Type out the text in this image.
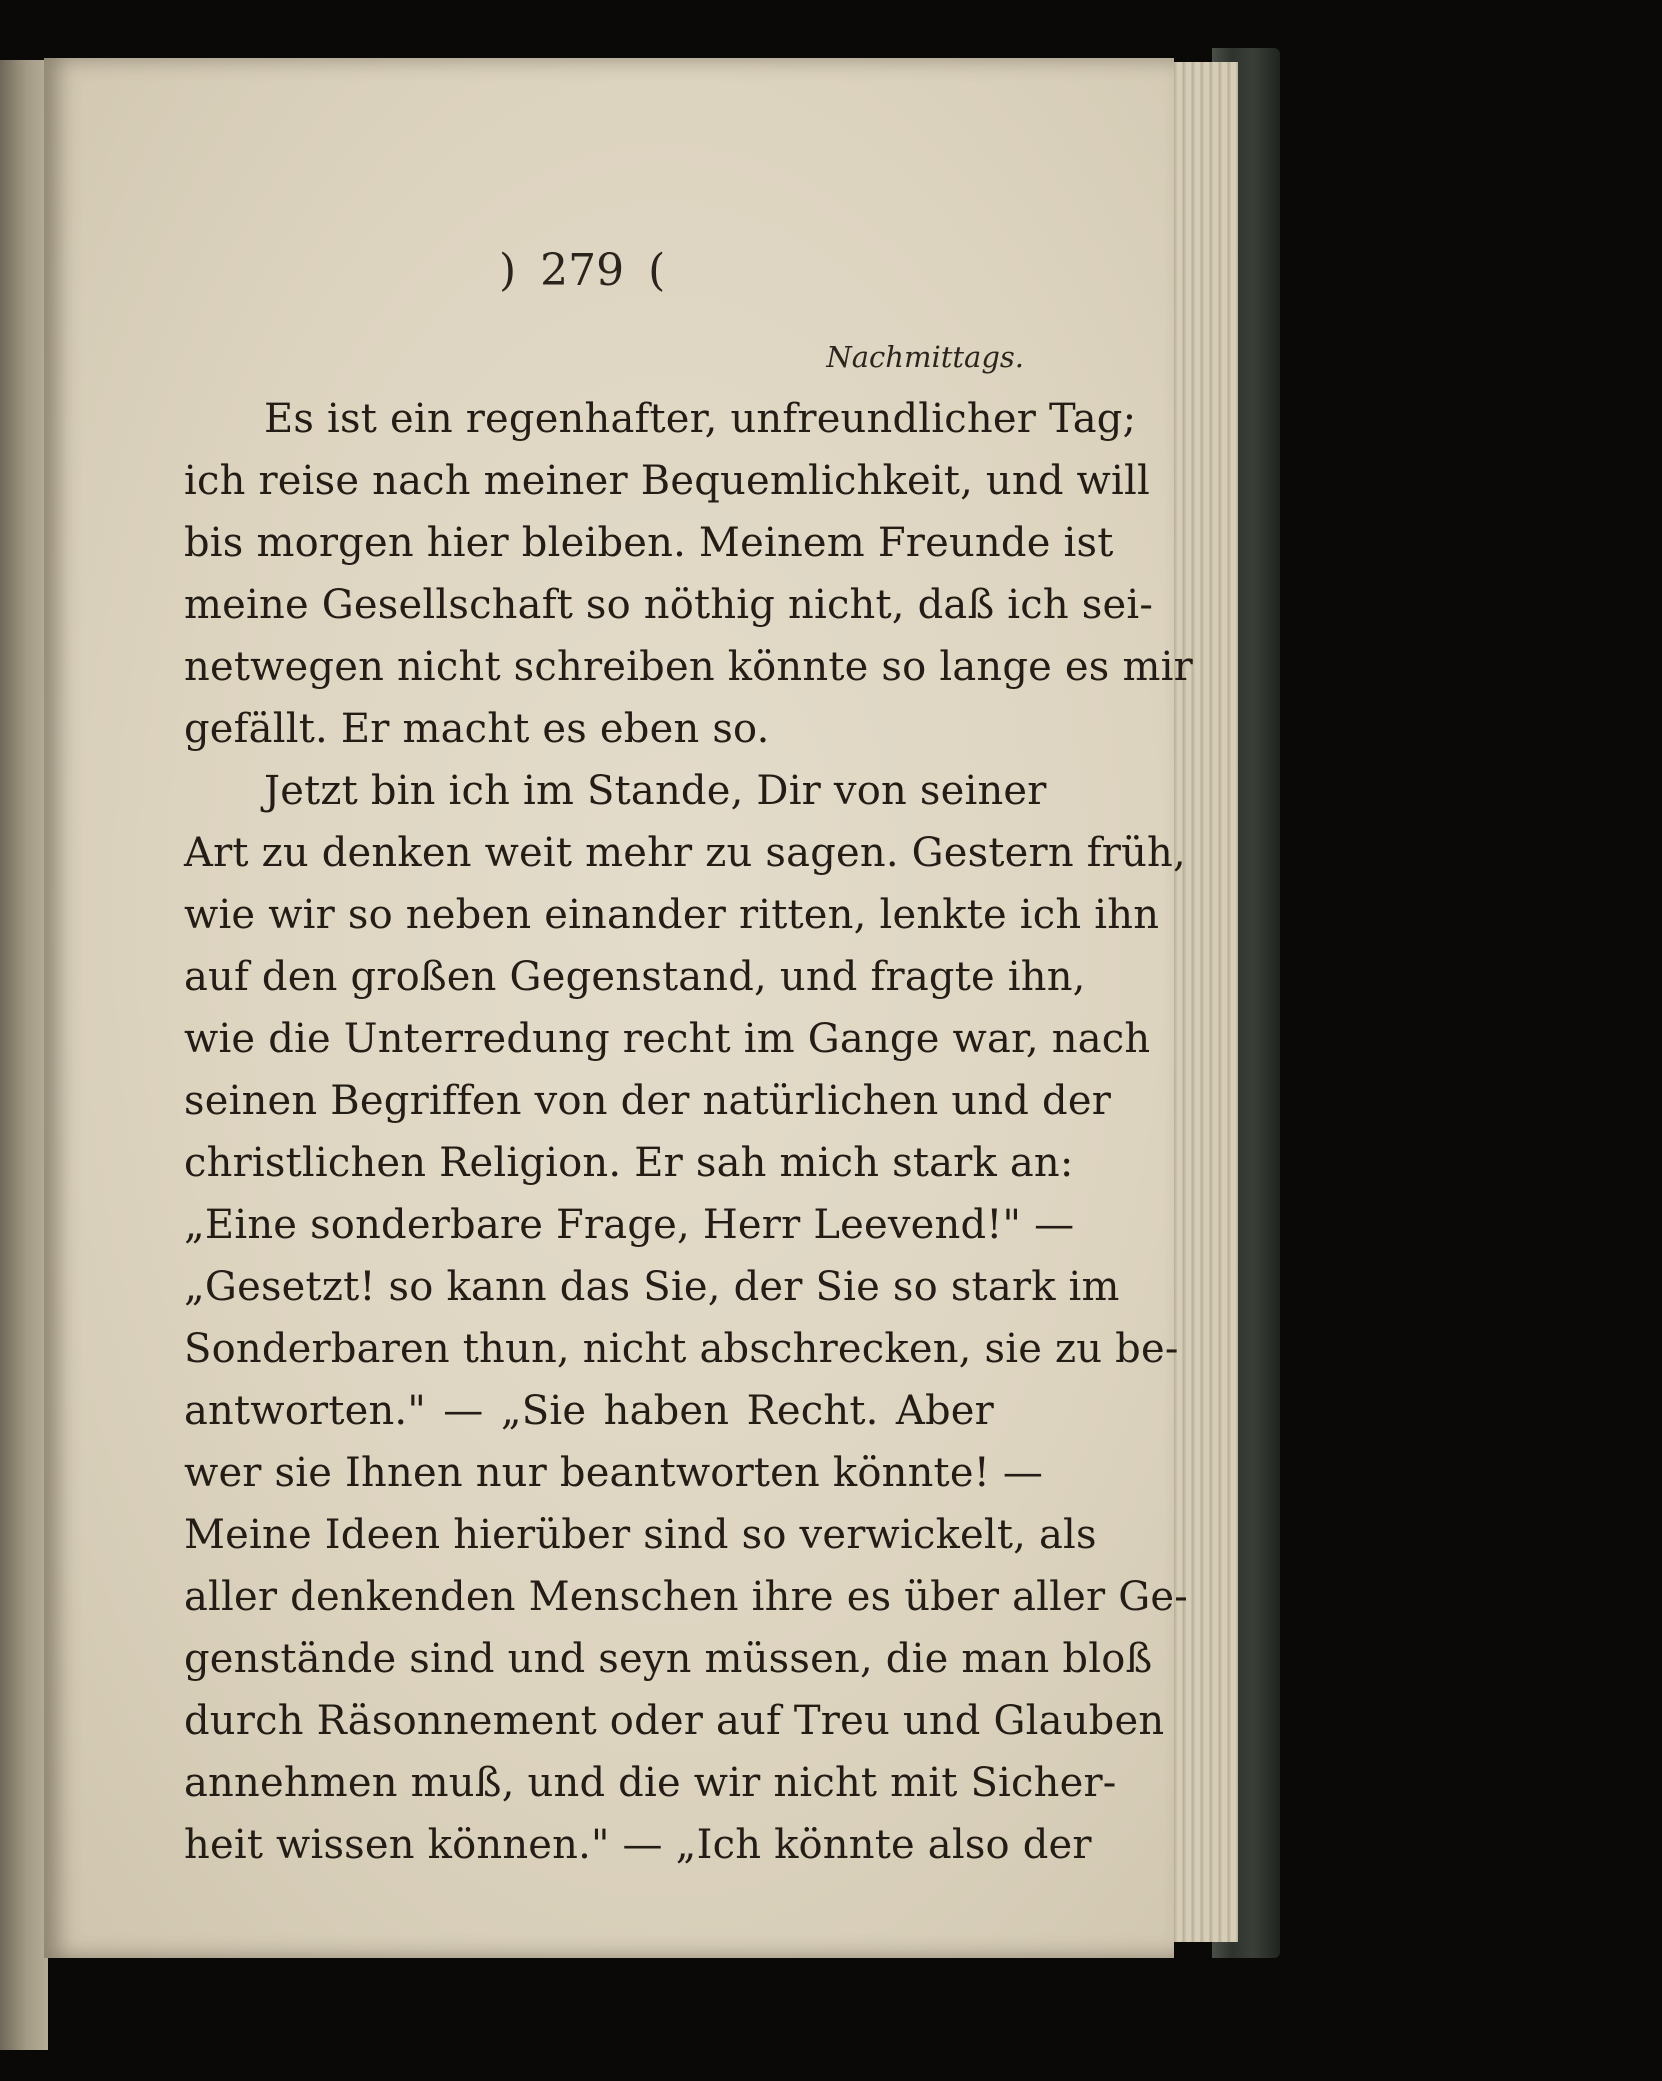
) 279 (
Nachmittags.
Es ist ein regenhafter, unfreundlicher Tag;
ich reise nach meiner Bequemlichkeit, und will
bis morgen hier bleiben. Meinem Freunde ist
meine Gesellschaft so nöthig nicht, daß ich sei-
netwegen nicht schreiben könnte so lange es mir
gefällt. Er macht es eben so.
Jetzt bin ich im Stande, Dir von seiner
Art zu denken weit mehr zu sagen. Gestern früh,
wie wir so neben einander ritten, lenkte ich ihn
auf den großen Gegenstand, und fragte ihn,
wie die Unterredung recht im Gange war, nach
seinen Begriffen von der natürlichen und der
christlichen Religion. Er sah mich stark an:
„Eine sonderbare Frage, Herr Leevend!" —
„Gesetzt! so kann das Sie, der Sie so stark im
Sonderbaren thun, nicht abschrecken, sie zu be-
antworten." — „Sie haben Recht. Aber
wer sie Ihnen nur beantworten könnte! —
Meine Ideen hierüber sind so verwickelt, als
aller denkenden Menschen ihre es über aller Ge-
genstände sind und seyn müssen, die man bloß
durch Räsonnement oder auf Treu und Glauben
annehmen muß, und die wir nicht mit Sicher-
heit wissen können." — „Ich könnte also der
